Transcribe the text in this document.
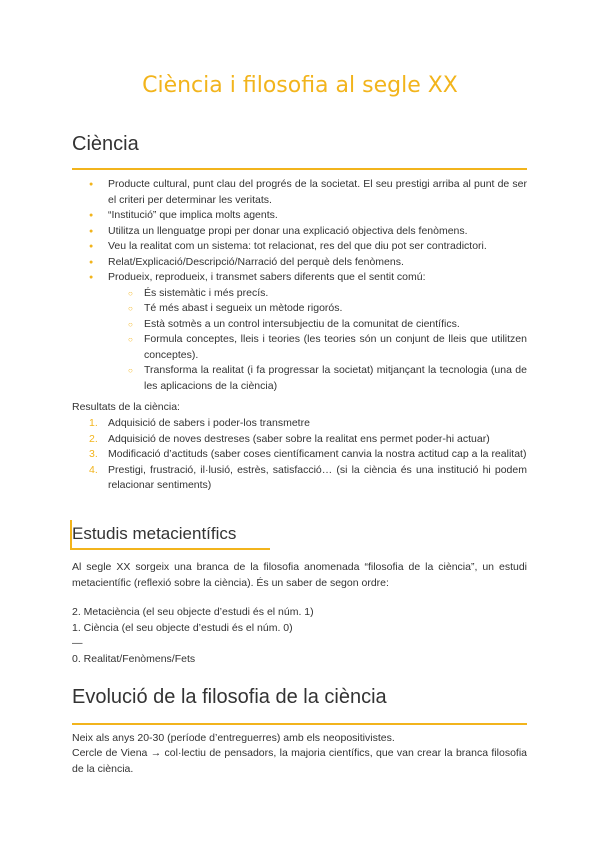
Ciència i filosofia al segle XX
Ciència
● Producte cultural, punt clau del progrés de la societat. El seu prestigi arriba al punt de ser el criteri per determinar les veritats.
● “Institució” que implica molts agents.
● Utilitza un llenguatge propi per donar una explicació objectiva dels fenòmens.
● Veu la realitat com un sistema: tot relacionat, res del que diu pot ser contradictori.
● Relat/Explicació/Descripció/Narració del perquè dels fenòmens.
● Produeix, reprodueix, i transmet sabers diferents que el sentit comú:
○ És sistemàtic i més precís.
○ Té més abast i segueix un mètode rigorós.
○ Està sotmès a un control intersubjectiu de la comunitat de científics.
○ Formula conceptes, lleis i teories (les teories són un conjunt de lleis que utilitzen conceptes).
○ Transforma la realitat (i fa progressar la societat) mitjançant la tecnologia (una de les aplicacions de la ciència)

Resultats de la ciència:

1. Adquisició de sabers i poder-los transmetre
2. Adquisició de noves destreses (saber sobre la realitat ens permet poder-hi actuar)
3. Modificació d’actituds (saber coses científicament canvia la nostra actitud cap a la realitat)
4. Prestigi, frustració, il·lusió, estrès, satisfacció… (si la ciència és una institució hi podem relacionar sentiments)
Estudis metacientífics

Al segle XX sorgeix una branca de la filosofia anomenada “filosofia de la ciència”, un estudi metacientífic (reflexió sobre la ciència). És un saber de segon ordre:

2. Metaciència (el seu objecte d’estudi és el núm. 1)

1. Ciència (el seu objecte d’estudi és el núm. 0)

—

0. Realitat/Fenòmens/Fets

Evolució de la filosofia de la ciència

Neix als anys 20-30 (període d’entreguerres) amb els neopositivistes.

Cercle de Viena → col·lectiu de pensadors, la majoria científics, que van crear la branca filosofia de la ciència.
